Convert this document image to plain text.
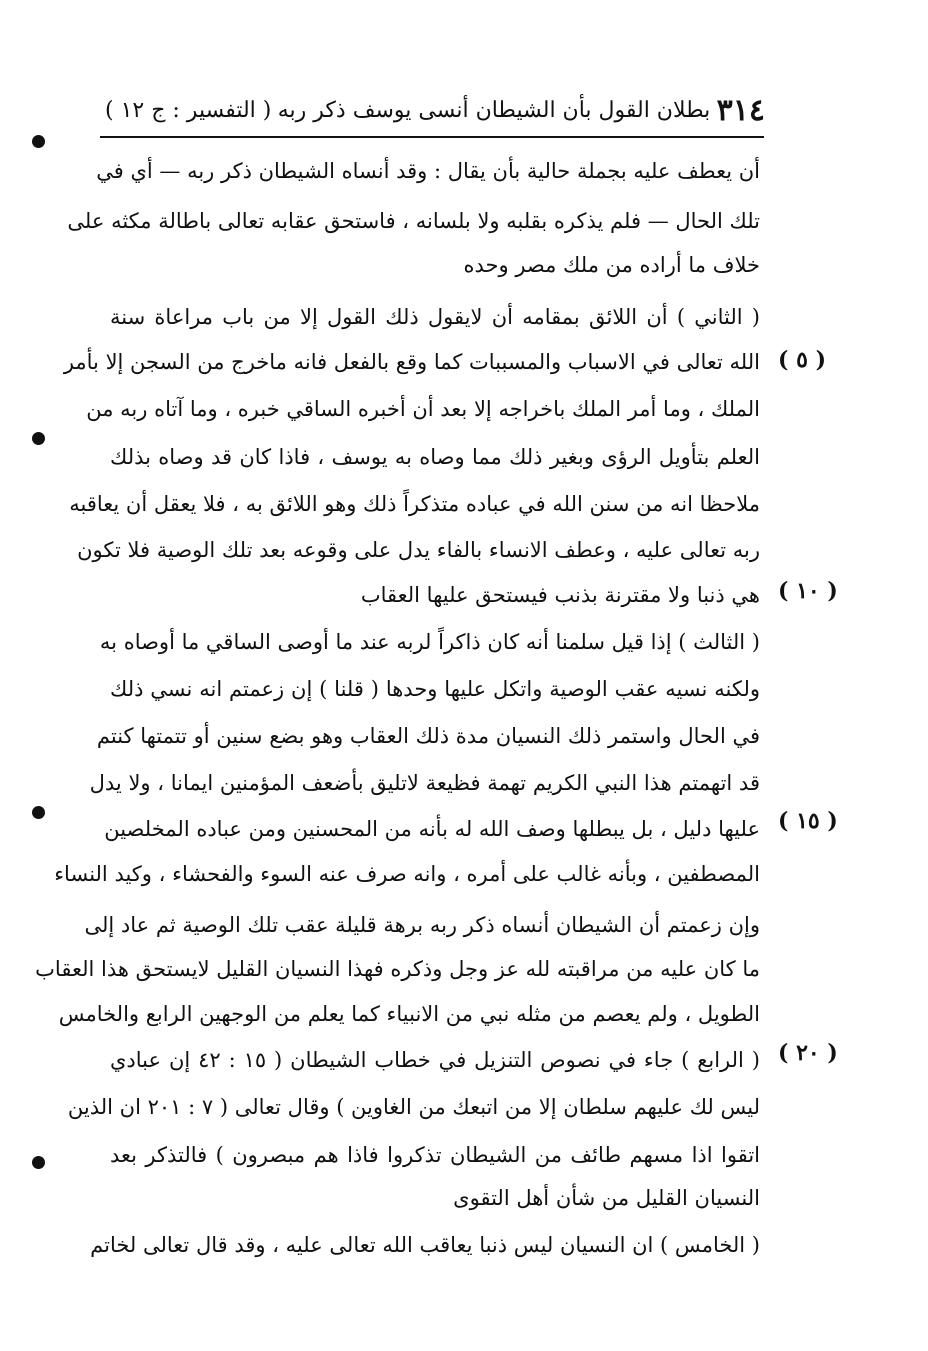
٣١٤
بطلان القول بأن الشيطان أنسى يوسف ذكر ربه
( التفسير : ج ١٢ )
أن يعطف عليه بجملة حالية بأن يقال : وقد أنساه الشيطان ذكر ربه — أي في
تلك الحال — فلم يذكره بقلبه ولا بلسانه ، فاستحق عقابه تعالى باطالة مكثه على
خلاف ما أراده من ملك مصر وحده
( الثاني ) أن اللائق بمقامه أن لايقول ذلك القول إلا من باب مراعاة سنة
الله تعالى في الاسباب والمسببات كما وقع بالفعل فانه ماخرج من السجن إلا بأمر
الملك ، وما أمر الملك باخراجه إلا بعد أن أخبره الساقي خبره ، وما آتاه ربه من
العلم بتأويل الرؤى وبغير ذلك مما وصاه به يوسف ، فاذا كان قد وصاه بذلك
ملاحظا انه من سنن الله في عباده متذكراً ذلك وهو اللائق به ، فلا يعقل أن يعاقبه
ربه تعالى عليه ، وعطف الانساء بالفاء يدل على وقوعه بعد تلك الوصية فلا تكون
هي ذنبا ولا مقترنة بذنب فيستحق عليها العقاب
( الثالث ) إذا قيل سلمنا أنه كان ذاكراً لربه عند ما أوصى الساقي ما أوصاه به
ولكنه نسيه عقب الوصية واتكل عليها وحدها ( قلنا ) إن زعمتم انه نسي ذلك
في الحال واستمر ذلك النسيان مدة ذلك العقاب وهو بضع سنين أو تتمتها كنتم
قد اتهمتم هذا النبي الكريم تهمة فظيعة لاتليق بأضعف المؤمنين ايمانا ، ولا يدل
عليها دليل ، بل يبطلها وصف الله له بأنه من المحسنين ومن عباده المخلصين
المصطفين ، وبأنه غالب على أمره ، وانه صرف عنه السوء والفحشاء ، وكيد النساء
وإن زعمتم أن الشيطان أنساه ذكر ربه برهة قليلة عقب تلك الوصية ثم عاد إلى
ما كان عليه من مراقبته لله عز وجل وذكره فهذا النسيان القليل لايستحق هذا العقاب
الطويل ، ولم يعصم من مثله نبي من الانبياء كما يعلم من الوجهين الرابع والخامس
( الرابع ) جاء في نصوص التنزيل في خطاب الشيطان ( ١٥ : ٤٢ إن عبادي
ليس لك عليهم سلطان إلا من اتبعك من الغاوين ) وقال تعالى ( ٧ : ٢٠١ ان الذين
اتقوا اذا مسهم طائف من الشيطان تذكروا فاذا هم مبصرون ) فالتذكر بعد
النسيان القليل من شأن أهل التقوى
( الخامس ) ان النسيان ليس ذنبا يعاقب الله تعالى عليه ، وقد قال تعالى لخاتم
( ٥ )
( ١٠ )
( ١٥ )
( ٢٠ )
